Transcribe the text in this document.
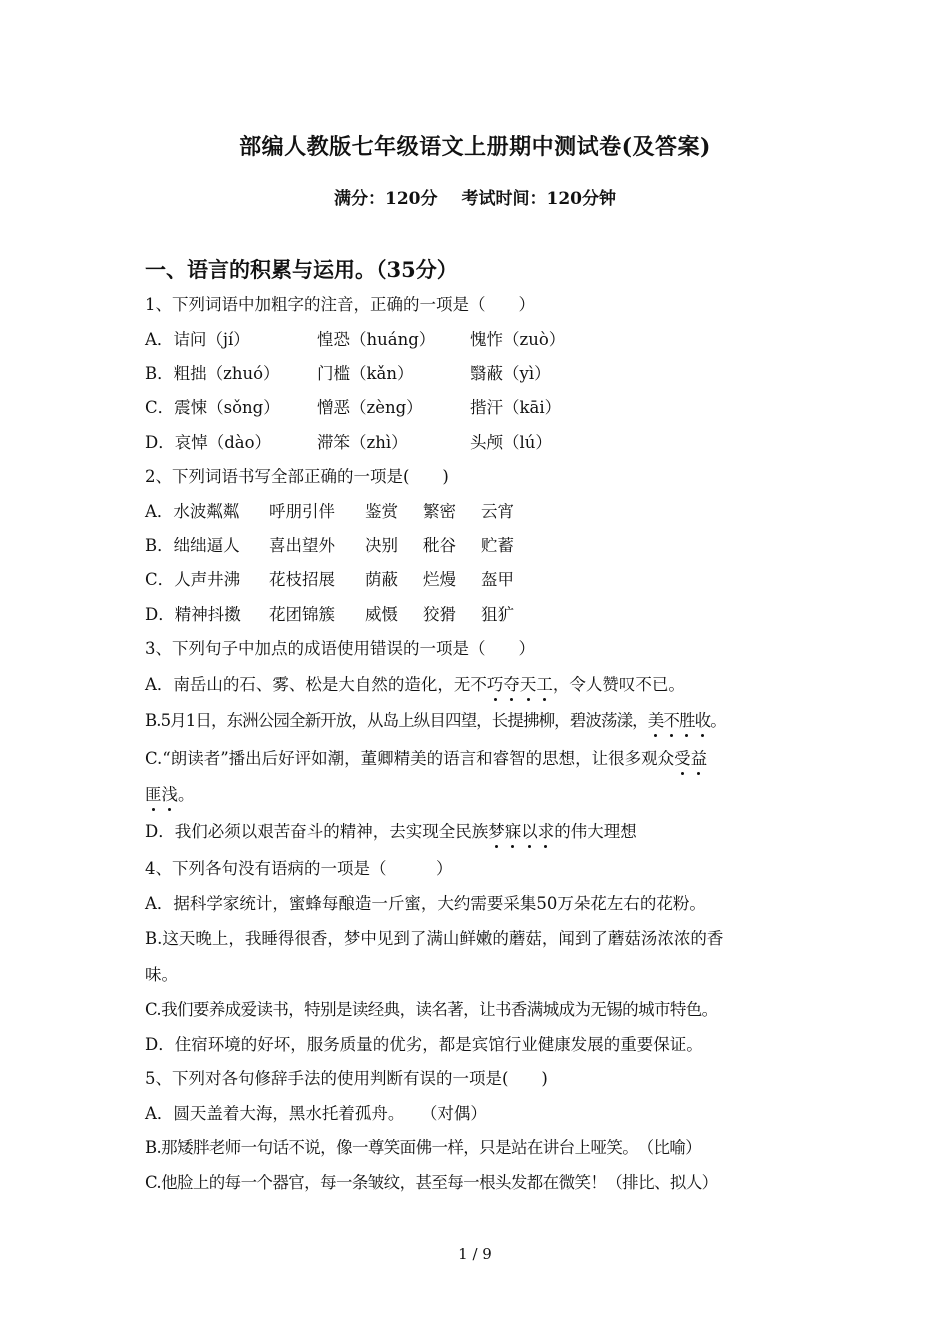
部编人教版七年级语文上册期中测试卷(及答案)
满分：120分 考试时间：120分钟
一、语言的积累与运用。（35分）
1、下列词语中加粗字的注音，正确的一项是（　　）
A．诘问（jí）	惶恐（huáng） 愧怍（zuò）
B．粗拙（zhuó） 门槛（kǎn）	翳蔽（yì）
C．震悚（sǒng） 憎恶（zèng）	揩汗（kāi）
D．哀悼（dào）	滞笨（zhì）	头颅（lú）
2、下列词语书写全部正确的一项是(　　)
A．水波粼粼 呼朋引伴 鉴赏 繁密 云宵
B．绌绌逼人 喜出望外 决别 秕谷 贮蓄
C．人声井沸 花枝招展 荫蔽 烂熳 盔甲
D．精神抖擞 花团锦簇 威慑 狡猾 狙犷
3、下列句子中加点的成语使用错误的一项是（　　）
A．南岳山的石、雾、松是大自然的造化，无不巧夺天工，令人赞叹不已。
B.5月1日，东洲公园全新开放，从岛上纵目四望，长提拂柳，碧波荡漾，美不胜收。
C.“朗读者”播出后好评如潮，董卿精美的语言和睿智的思想，让很多观众受益
匪浅。
D．我们必须以艰苦奋斗的精神，去实现全民族梦寐以求的伟大理想
4、下列各句没有语病的一项是（　　　）
A．据科学家统计，蜜蜂每酿造一斤蜜，大约需要采集50万朵花左右的花粉。
B.这天晚上，我睡得很香，梦中见到了满山鲜嫩的蘑菇，闻到了蘑菇汤浓浓的香
味。
C.我们要养成爱读书，特别是读经典，读名著，让书香满城成为无锡的城市特色。
D．住宿环境的好坏，服务质量的优劣，都是宾馆行业健康发展的重要保证。
5、下列对各句修辞手法的使用判断有误的一项是(　　)
A．圆天盖着大海，黑水托着孤舟。　　（对偶）
B.那矮胖老师一句话不说，像一尊笑面佛一样，只是站在讲台上哑笑。　（比喻）
C.他脸上的每一个器官，每一条皱纹，甚至每一根头发都在微笑！（排比、拟人）
1 / 9
